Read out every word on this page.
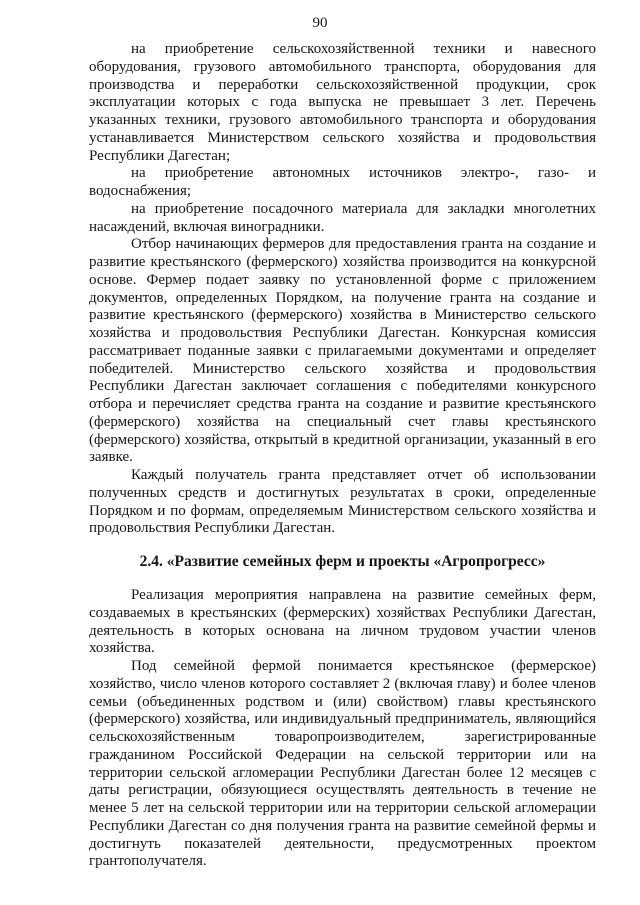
90

на приобретение сельскохозяйственной техники и навесного оборудования, грузового автомобильного транспорта, оборудования для производства и переработки сельскохозяйственной продукции, срок эксплуатации которых с года выпуска не превышает 3 лет. Перечень указанных техники, грузового автомобильного транспорта и оборудования устанавливается Министерством сельского хозяйства и продовольствия Республики Дагестан;

на приобретение автономных источников электро-, газо- и водоснабжения;

на приобретение посадочного материала для закладки многолетних насаждений, включая виноградники.

Отбор начинающих фермеров для предоставления гранта на создание и развитие крестьянского (фермерского) хозяйства производится на конкурсной основе. Фермер подает заявку по установленной форме с приложением документов, определенных Порядком, на получение гранта на создание и развитие крестьянского (фермерского) хозяйства в Министерство сельского хозяйства и продовольствия Республики Дагестан. Конкурсная комиссия рассматривает поданные заявки с прилагаемыми документами и определяет победителей. Министерство сельского хозяйства и продовольствия Республики Дагестан заключает соглашения с победителями конкурсного отбора и перечисляет средства гранта на создание и развитие крестьянского (фермерского) хозяйства на специальный счет главы крестьянского (фермерского) хозяйства, открытый в кредитной организации, указанный в его заявке.

Каждый получатель гранта представляет отчет об использовании полученных средств и достигнутых результатах в сроки, определенные Порядком и по формам, определяемым Министерством сельского хозяйства и продовольствия Республики Дагестан.

2.4. «Развитие семейных ферм и проекты «Агропрогресс»

Реализация мероприятия направлена на развитие семейных ферм, создаваемых в крестьянских (фермерских) хозяйствах Республики Дагестан, деятельность в которых основана на личном трудовом участии членов хозяйства.

Под семейной фермой понимается крестьянское (фермерское) хозяйство, число членов которого составляет 2 (включая главу) и более членов семьи (объединенных родством и (или) свойством) главы крестьянского (фермерского) хозяйства, или индивидуальный предприниматель, являющийся сельскохозяйственным товаропроизводителем, зарегистрированные гражданином Российской Федерации на сельской территории или на территории сельской агломерации Республики Дагестан более 12 месяцев с даты регистрации, обязующиеся осуществлять деятельность в течение не менее 5 лет на сельской территории или на территории сельской агломерации Республики Дагестан со дня получения гранта на развитие семейной фермы и достигнуть показателей деятельности, предусмотренных проектом грантополучателя.
